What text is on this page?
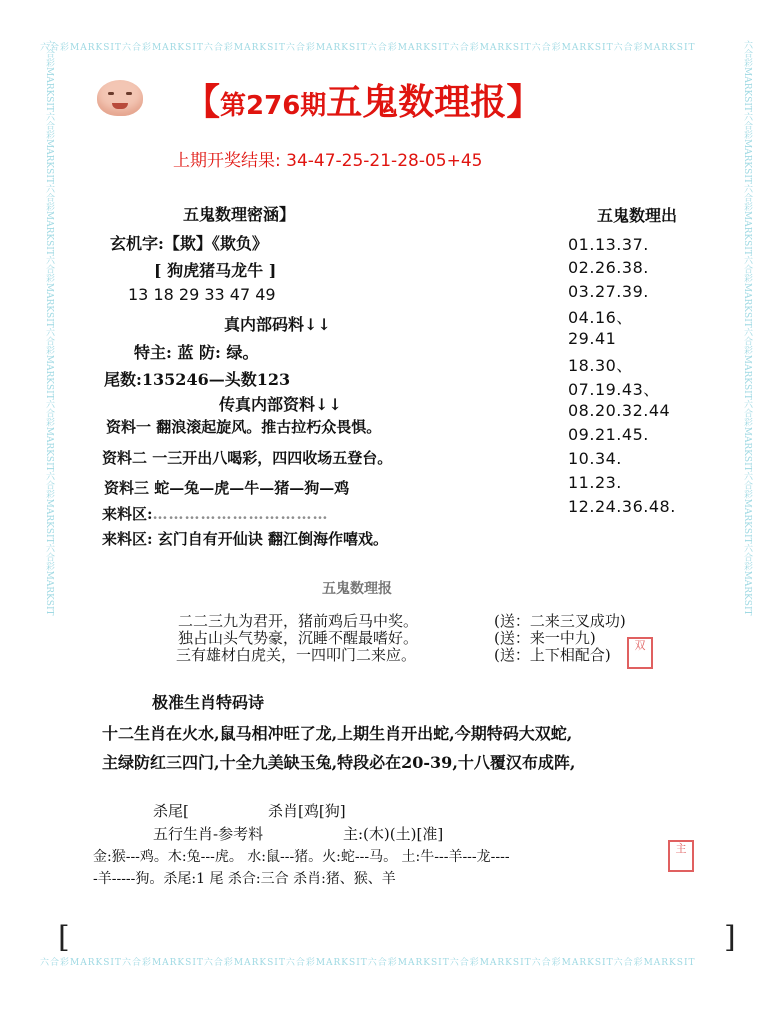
六合彩MARKSIT六合彩MARKSIT六合彩MARKSIT六合彩MARKSIT六合彩MARKSIT六合彩MARKSIT六合彩MARKSIT六合彩MARKSIT
六合彩MARKSIT六合彩MARKSIT六合彩MARKSIT六合彩MARKSIT六合彩MARKSIT六合彩MARKSIT六合彩MARKSIT六合彩MARKSIT
六合彩MARKSIT六合彩MARKSIT六合彩MARKSIT六合彩MARKSIT六合彩MARKSIT六合彩MARKSIT六合彩MARKSIT六合彩MARKSIT	六合彩MARKSIT六合彩MARKSIT六合彩MARKSIT六合彩MARKSIT六合彩MARKSIT六合彩MARKSIT六合彩MARKSIT六合彩MARKSIT
【第276期五鬼数理报】
上期开奖结果: 34-47-25-21-28-05+45
五鬼数理密涵】
玄机字:【欺】《欺负》
[ 狗虎猪马龙牛 ]
13 18 29 33 47 49
真内部码料↓↓
特主: 蓝 防: 绿。
尾数:135246—头数123
传真内部资料↓↓
资料一 翻浪滚起旋风。推古拉朽众畏惧。
资料二 一三开出八喝彩，四四收场五登台。
资料三 蛇—兔—虎—牛—猪—狗—鸡
来料区:……………………………
来料区: 玄门自有开仙诀 翻江倒海作嘻戏。
五鬼数理出
01.13.37.
02.26.38.
03.27.39.
04.16、
29.41
18.30、
07.19.43、
08.20.32.44
09.21.45.
10.34.
11.23.
12.24.36.48.
五鬼数理报
二二三九为君开，猪前鸡后马中奖。	(送：二来三叉成功)
独占山头气势豪，沉睡不醒最嗜好。	(送：来一中九)
三有雄材白虎关，一四叩门二来应。	(送：上下相配合)
双
极准生肖特码诗
十二生肖在火水,鼠马相冲旺了龙,上期生肖开出蛇,今期特码大双蛇,
主绿防红三四门,十全九美缺玉兔,特段必在20-39,十八覆汉布成阵,
杀尾[	杀肖[鸡[狗]
五行生肖-参考料	主:(木)(土)[准]
金:猴---鸡。木:兔---虎。 水:鼠---猪。火:蛇---马。 土:牛---羊---龙----
-羊-----狗。杀尾:1 尾 杀合:三合 杀肖:猪、猴、羊
主
[	]
